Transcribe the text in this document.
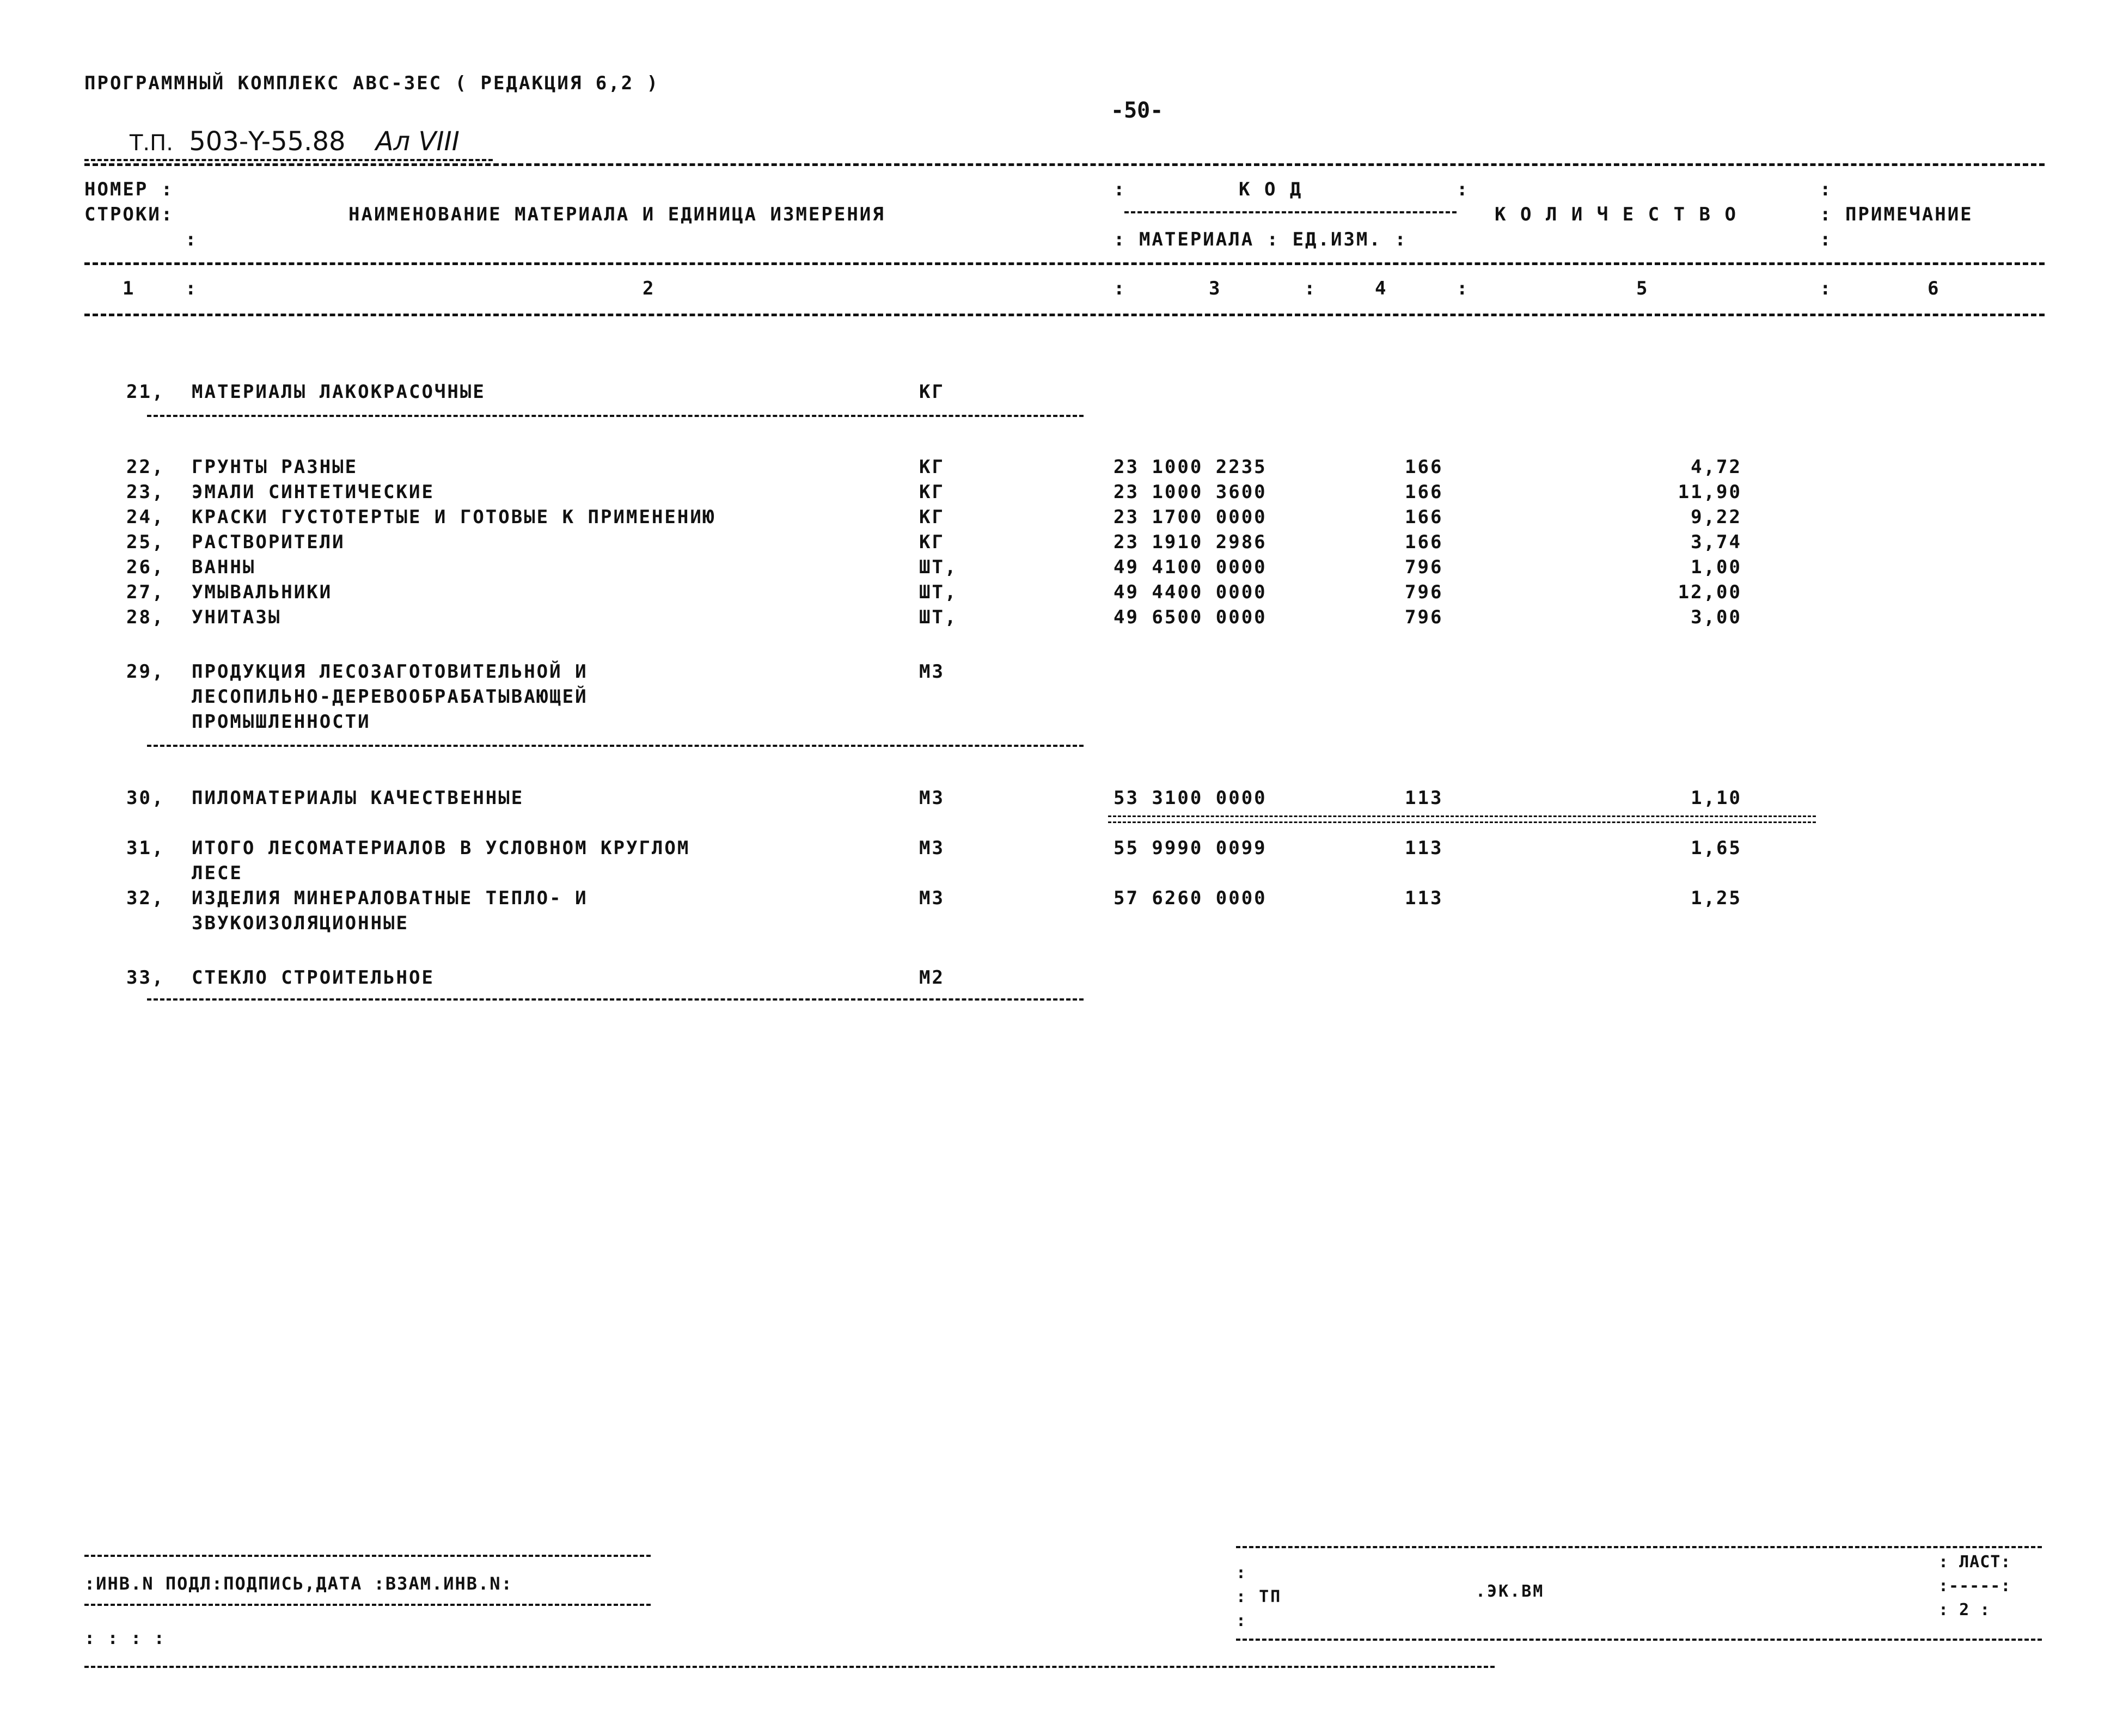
ПРОГРАММНЫЙ КОМПЛЕКС АВС-3ЕС ( РЕДАКЦИЯ 6,2 )
-50-
Т.П. 503-Y-55.88 Ал VIII
НОМЕР :
СТРОКИ:
:
НАИМЕНОВАНИЕ МАТЕРИАЛА И ЕДИНИЦА ИЗМЕРЕНИЯ
:	К О Д	:
: МАТЕРИАЛА : ЕД.ИЗМ. :
К О Л И Ч Е С Т В О
:
: ПРИМЕЧАНИЕ
:
1	:	2	:	3	:	4	:	5	:	6
21, МАТЕРИАЛЫ ЛАКОКРАСОЧНЫЕ	КГ
22, ГРУНТЫ РАЗНЫЕ	КГ	23 1000 2235	166	4,72
23, ЭМАЛИ СИНТЕТИЧЕСКИЕ	КГ	23 1000 3600	166	11,90
24, КРАСКИ ГУСТОТЕРТЫЕ И ГОТОВЫЕ К ПРИМЕНЕНИЮ	КГ	23 1700 0000	166	9,22
25, РАСТВОРИТЕЛИ	КГ	23 1910 2986	166	3,74
26, ВАННЫ	ШТ,	49 4100 0000	796	1,00
27, УМЫВАЛЬНИКИ	ШТ,	49 4400 0000	796	12,00
28, УНИТАЗЫ	ШТ,	49 6500 0000	796	3,00
29, ПРОДУКЦИЯ ЛЕСОЗАГОТОВИТЕЛЬНОЙ И	М3
ЛЕСОПИЛЬНО-ДЕРЕВООБРАБАТЫВАЮЩЕЙ
ПРОМЫШЛЕННОСТИ
30, ПИЛОМАТЕРИАЛЫ КАЧЕСТВЕННЫЕ	М3	53 3100 0000	113	1,10
31, ИТОГО ЛЕСОМАТЕРИАЛОВ В УСЛОВНОМ КРУГЛОМ	М3	55 9990 0099	113	1,65
ЛЕСЕ
32, ИЗДЕЛИЯ МИНЕРАЛОВАТНЫЕ ТЕПЛО- И	М3	57 6260 0000	113	1,25
ЗВУКОИЗОЛЯЦИОННЫЕ
33, СТЕКЛО СТРОИТЕЛЬНОЕ	М2
:ИНВ.N ПОДЛ:ПОДПИСЬ,ДАТА :ВЗАМ.ИНВ.N:
: : : :
:
: ТП	.ЭК.ВМ
:
: ЛАСТ:
:-----:
: 2 :
